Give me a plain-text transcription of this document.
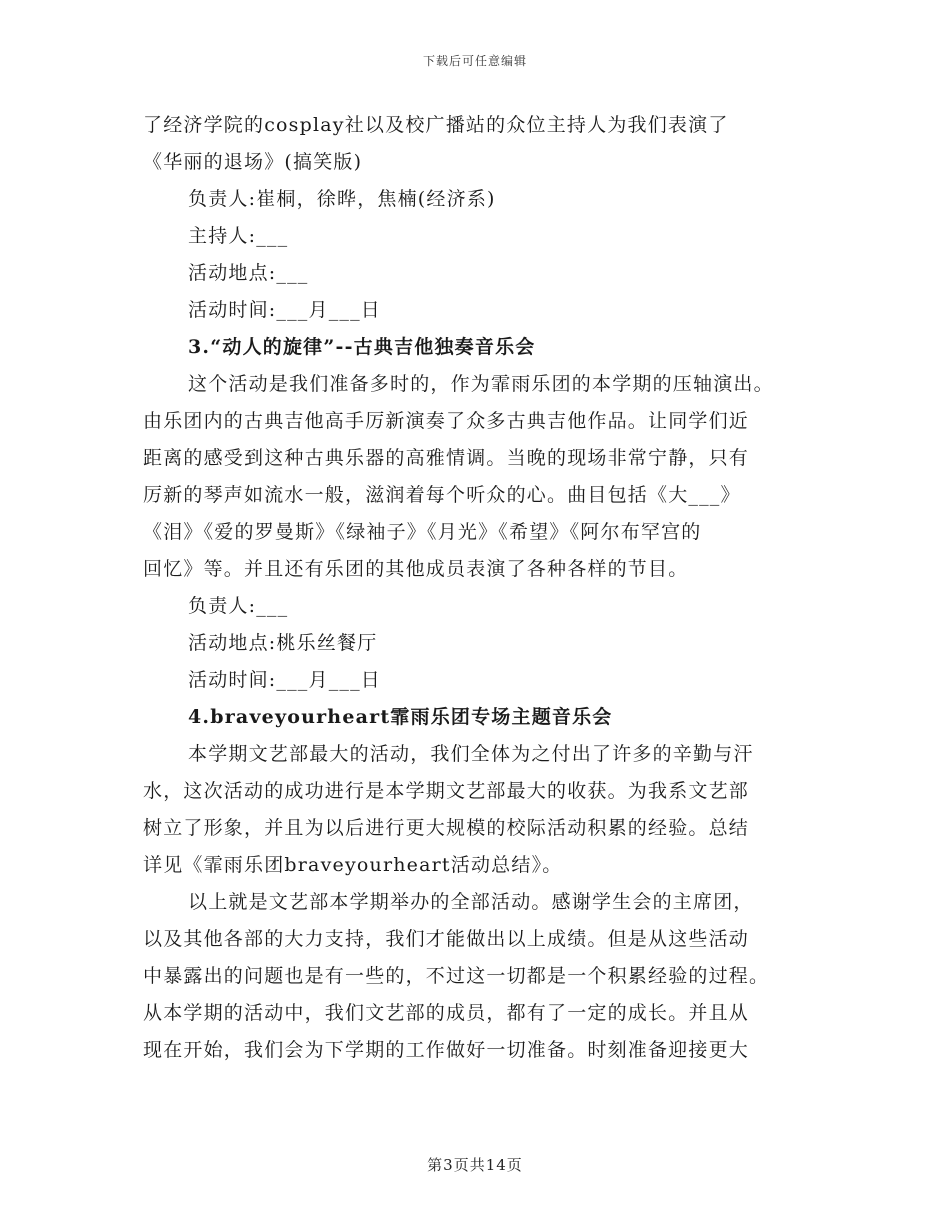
下载后可任意编辑
了经济学院的cosplay社以及校广播站的众位主持人为我们表演了
《华丽的退场》(搞笑版)
负责人:崔桐，徐晔，焦楠(经济系)
主持人:___
活动地点:___
活动时间:___月___日
3.“动人的旋律”--古典吉他独奏音乐会
这个活动是我们准备多时的，作为霏雨乐团的本学期的压轴演出。
由乐团内的古典吉他高手厉新演奏了众多古典吉他作品。让同学们近
距离的感受到这种古典乐器的高雅情调。当晚的现场非常宁静，只有
厉新的琴声如流水一般，滋润着每个听众的心。曲目包括《大___》
《泪》《爱的罗曼斯》《绿袖子》《月光》《希望》《阿尔布罕宫的
回忆》等。并且还有乐团的其他成员表演了各种各样的节目。
负责人:___
活动地点:桃乐丝餐厅
活动时间:___月___日
4.braveyourheart霏雨乐团专场主题音乐会
本学期文艺部最大的活动，我们全体为之付出了许多的辛勤与汗
水，这次活动的成功进行是本学期文艺部最大的收获。为我系文艺部
树立了形象，并且为以后进行更大规模的校际活动积累的经验。总结
详见《霏雨乐团braveyourheart活动总结》。
以上就是文艺部本学期举办的全部活动。感谢学生会的主席团，
以及其他各部的大力支持，我们才能做出以上成绩。但是从这些活动
中暴露出的问题也是有一些的，不过这一切都是一个积累经验的过程。
从本学期的活动中，我们文艺部的成员，都有了一定的成长。并且从
现在开始，我们会为下学期的工作做好一切准备。时刻准备迎接更大
第3页共14页
